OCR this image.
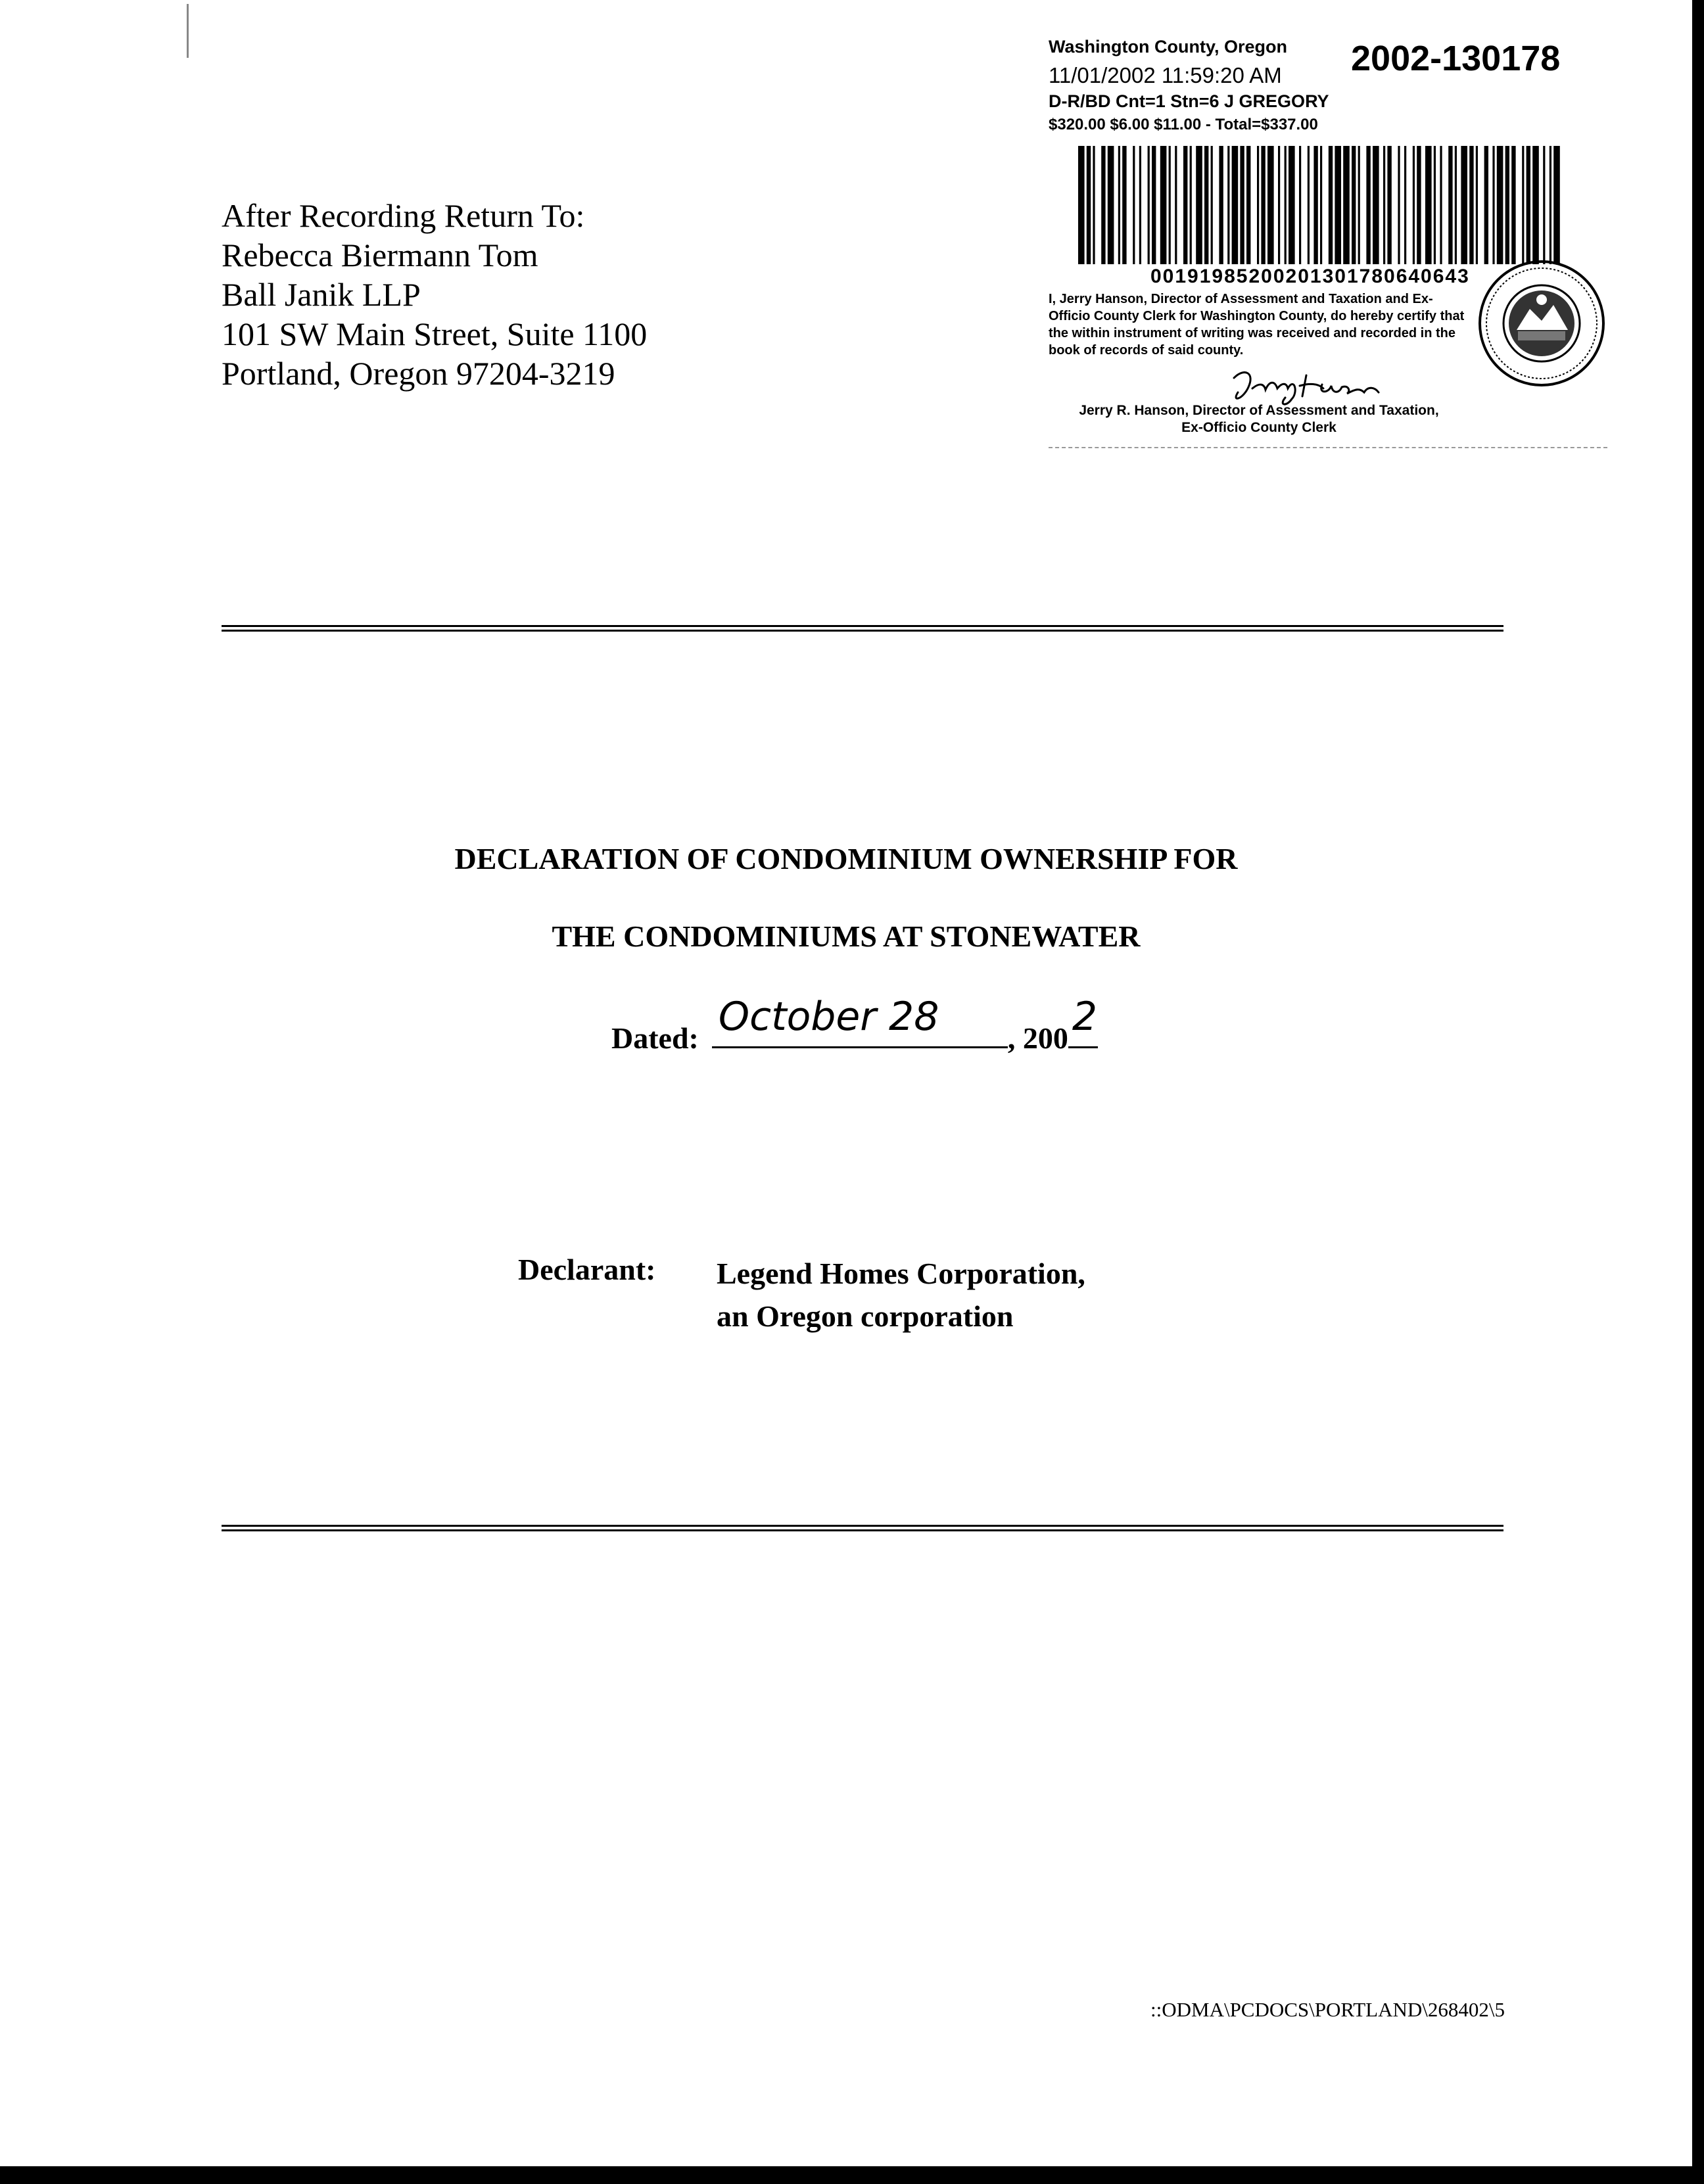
After Recording Return To:
Rebecca Biermann Tom
Ball Janik LLP
101 SW Main Street, Suite 1100
Portland, Oregon 97204-3219
Washington County, Oregon
11/01/2002 11:59:20 AM 2002-130178
D-R/BD Cnt=1 Stn=6 J GREGORY
$320.00 $6.00 $11.00 - Total=$337.00
00191985200201301780640643
I, Jerry Hanson, Director of Assessment and Taxation and Ex-Officio County Clerk for Washington County, do hereby certify that the within instrument of writing was received and recorded in the book of records of said county.
Jerry R. Hanson, Director of Assessment and Taxation,
Ex-Officio County Clerk
DECLARATION OF CONDOMINIUM OWNERSHIP FOR
THE CONDOMINIUMS AT STONEWATER
Dated: October 28 , 200 2
Declarant: Legend Homes Corporation,
an Oregon corporation
::ODMA\PCDOCS\PORTLAND\268402\5
